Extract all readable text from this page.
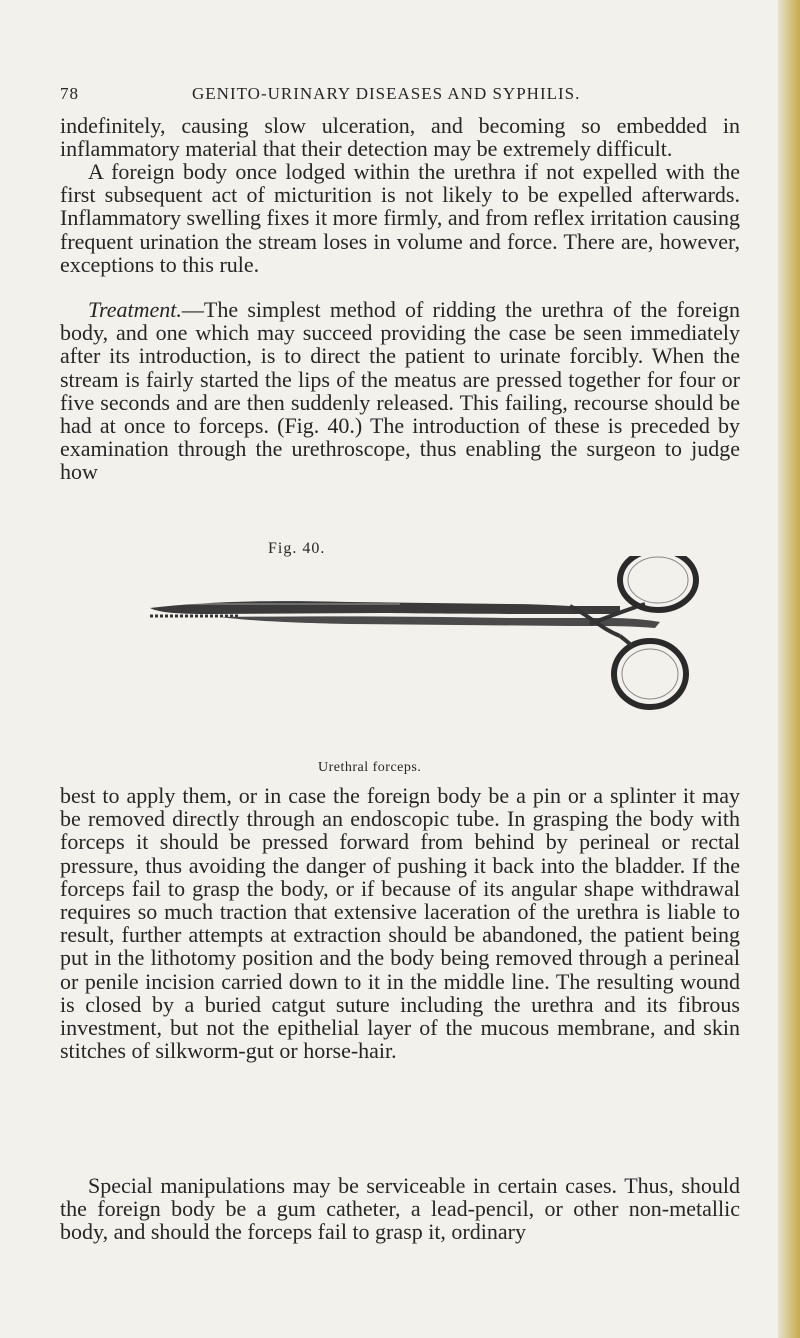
78	GENITO-URINARY DISEASES AND SYPHILIS.

indefinitely, causing slow ulceration, and becoming so embedded in inflammatory material that their detection may be extremely difficult.

A foreign body once lodged within the urethra if not expelled with the first subsequent act of micturition is not likely to be expelled afterwards. Inflammatory swelling fixes it more firmly, and from reflex irritation causing frequent urination the stream loses in volume and force. There are, however, exceptions to this rule.

Treatment.—The simplest method of ridding the urethra of the foreign body, and one which may succeed providing the case be seen immediately after its introduction, is to direct the patient to urinate forcibly. When the stream is fairly started the lips of the meatus are pressed together for four or five seconds and are then suddenly released. This failing, recourse should be had at once to forceps. (Fig. 40.) The introduction of these is preceded by examination through the urethroscope, thus enabling the surgeon to judge how

Fig. 40.
Urethral forceps.

best to apply them, or in case the foreign body be a pin or a splinter it may be removed directly through an endoscopic tube. In grasping the body with forceps it should be pressed forward from behind by perineal or rectal pressure, thus avoiding the danger of pushing it back into the bladder. If the forceps fail to grasp the body, or if because of its angular shape withdrawal requires so much traction that extensive laceration of the urethra is liable to result, further attempts at extraction should be abandoned, the patient being put in the lithotomy position and the body being removed through a perineal or penile incision carried down to it in the middle line. The resulting wound is closed by a buried catgut suture including the urethra and its fibrous investment, but not the epithelial layer of the mucous membrane, and skin stitches of silkworm-gut or horse-hair.

Special manipulations may be serviceable in certain cases. Thus, should the foreign body be a gum catheter, a lead-pencil, or other non-metallic body, and should the forceps fail to grasp it, ordinary
